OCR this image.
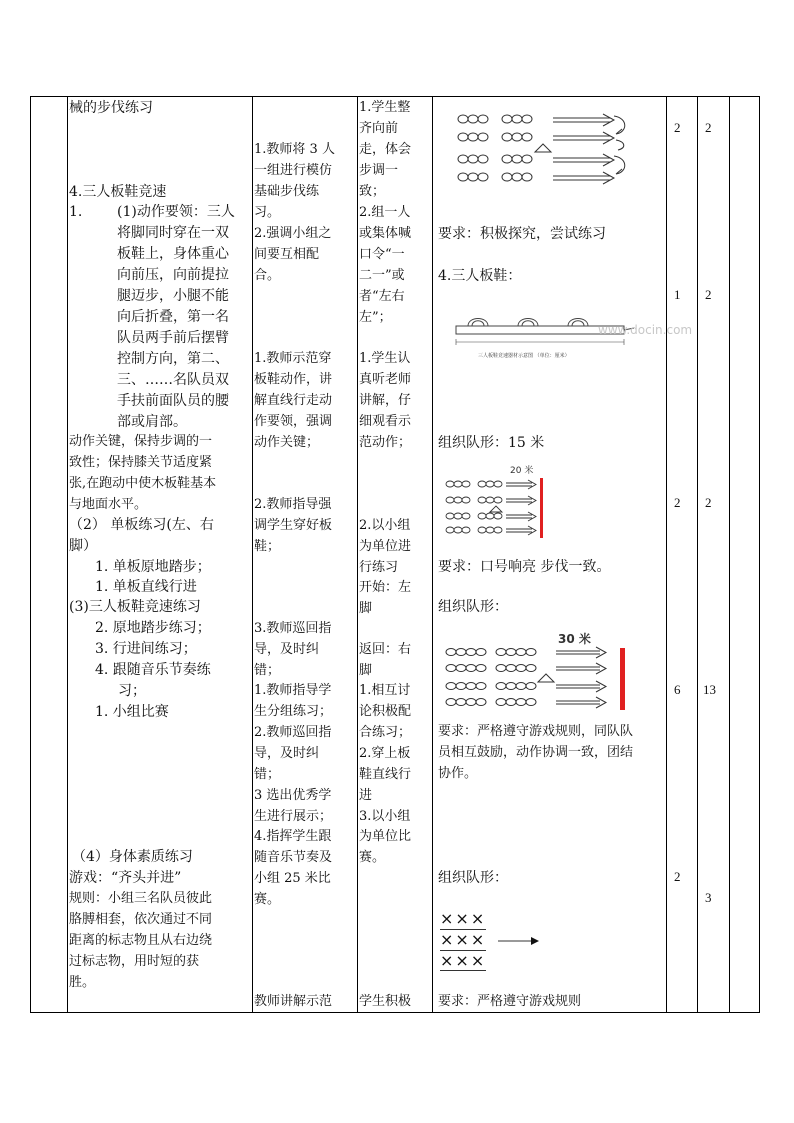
械的步伐练习
4.三人板鞋竞速
1. (1)动作要领：三人
将脚同时穿在一双
板鞋上，身体重心
向前压，向前提拉
腿迈步，小腿不能
向后折叠，第一名
队员两手前后摆臂
控制方向，第二、
三、……名队员双
手扶前面队员的腰
部或肩部。
动作关键，保持步调的一
致性；保持膝关节适度紧
张,在跑动中使木板鞋基本
与地面水平。
（2） 单板练习(左、右
脚）
1. 单板原地踏步；
1. 单板直线行进
(3)三人板鞋竞速练习
2. 原地踏步练习；
3. 行进间练习；
4. 跟随音乐节奏练
习；
1. 小组比赛
（4）身体素质练习
游戏：“齐头并进”
规则：小组三名队员彼此
胳膊相套，依次通过不同
距离的标志物且从右边绕
过标志物，用时短的获
胜。
1.教师将 3 人
一组进行模仿
基础步伐练
习。
2.强调小组之
间要互相配
合。
1.教师示范穿
板鞋动作，讲
解直线行走动
作要领，强调
动作关键；
2.教师指导强
调学生穿好板
鞋；
3.教师巡回指
导，及时纠
错；
1.教师指导学
生分组练习；
2.教师巡回指
导，及时纠
错；
3 选出优秀学
生进行展示；
4.指挥学生跟
随音乐节奏及
小组 25 米比
赛。
教师讲解示范
1.学生整
齐向前
走，体会
步调一
致；
2.组一人
或集体喊
口令“一
二一”或
者“左右
左”；
1.学生认
真听老师
讲解，仔
细观看示
范动作；
2.以小组
为单位进
行练习
开始：左
脚
返回：右
脚
1.相互讨
论积极配
合练习；
2.穿上板
鞋直线行
进
3.以小组
为单位比
赛。
学生积极
要求：积极探究，尝试练习
4.三人板鞋：
www.docin.com
三人板鞋竞速器材示意图 （单位：厘米）
组织队形：15 米
20 米
要求：口号响亮 步伐一致。
组织队形：
30 米
要求：严格遵守游戏规则，同队队
员相互鼓励，动作协调一致，团结
协作。
组织队形：
×××
×××
×××
要求：严格遵守游戏规则
2
1
2
6
2
2
2
2
13
3
